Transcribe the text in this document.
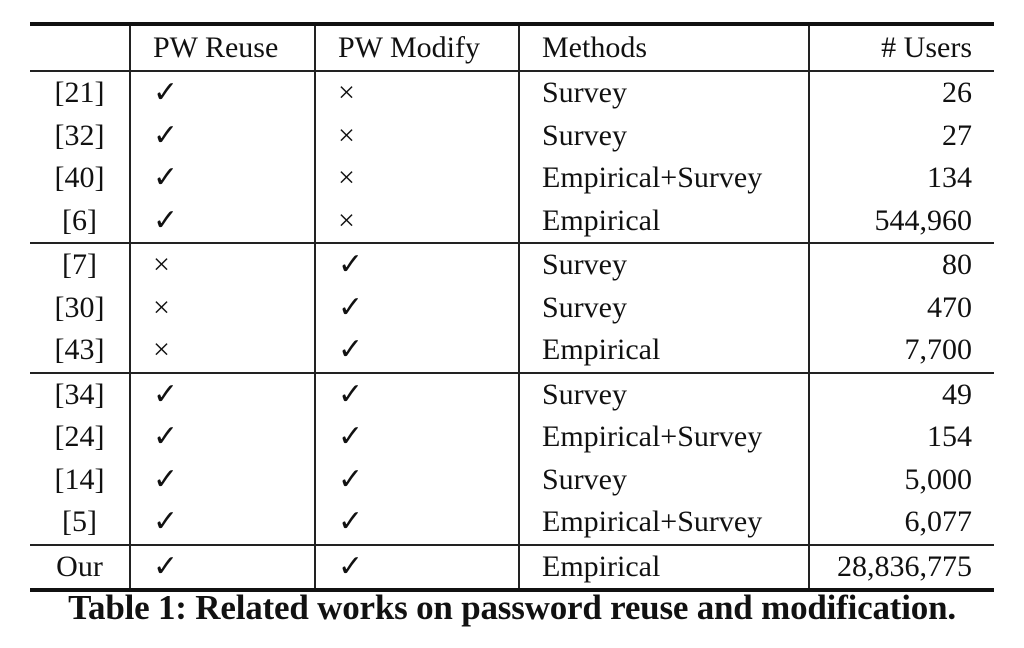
	PW Reuse	PW Modify	Methods	# Users
[21]	✓	×	Survey	26
[32]	✓	×	Survey	27
[40]	✓	×	Empirical+Survey	134
[6]	✓	×	Empirical	544,960
[7]	×	✓	Survey	80
[30]	×	✓	Survey	470
[43]	×	✓	Empirical	7,700
[34]	✓	✓	Survey	49
[24]	✓	✓	Empirical+Survey	154
[14]	✓	✓	Survey	5,000
[5]	✓	✓	Empirical+Survey	6,077
Our	✓	✓	Empirical	28,836,775
Table 1: Related works on password reuse and modification.
